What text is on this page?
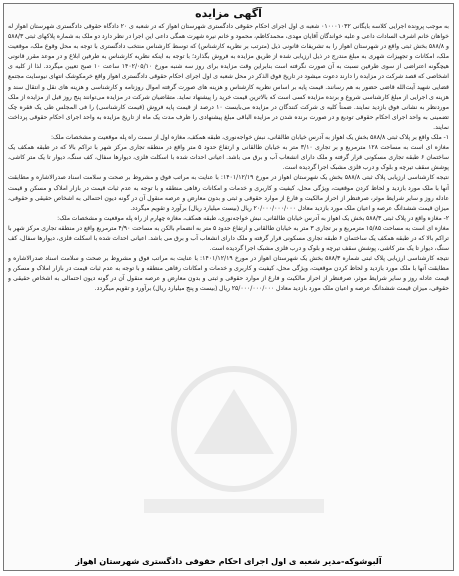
آگهی مزایده

به موجب پرونده اجرایی کلاسه بایگانی ۰۱۰۰۰۱۰۳۲ شعبه ی اول اجرای احکام حقوقی دادگستری شهرستان اهواز که در شعبه ی ۲۰ دادگاه حقوقی دادگستری شهرستان اهواز له خواهان خانم اشرف السادات داعی و علیه خواندگان آقایان مهدی، محمدکاظم، محمود و خانم نیره شهرت همگی داعی این اجرا در نظر دارد دو ملک به شماره پلاکهای ثبتی ۵۸۸/۳ و ۵۸۸/۸ بخش ثبتی واقع در شهرستان اهواز را به تشریفات قانونی ذیل (مترتب بر نظریه کارشناس) که توسط کارشناس منتخب دادگستری با توجه به محل وقوع ملک، موقعیت ملک، امکانات و تجهیزات شهری به مبلغ مندرج در ذیل ارزیابی شده از طریق مزایده به فروش بگذارد؛ با توجه به اینکه نظریه کارشناس به طرفین ابلاغ و در موعد مقرر قانونی هیچگونه اعتراضی از سوی طرفین نسبت به آن صورت نگرفته است بنابراین وقت مزایده برای روز سه شنبه مورخ ۱۴۰۲/۰۵/۱۰ ساعت ۱۰ صبح تعیین میگردد. لذا از کلیه ی اشخاصی که قصد شرکت در مزایده را دارند دعوت میشود در تاریخ فوق الذکر در محل شعبه ی اول اجرای احکام حقوقی دادگستری اهواز واقع خرمکوشک انتهای نیوسایت مجتمع قضایی شهید آیت‌الله قاضی حضور به هم رسانند. قیمت پایه بر اساس نظریه کارشناس و هزینه های صورت گرفته اموال روزنامه و کارشناسی و هزینه های نقل و انتقال سند و هزینه ی اجرایی از مبلغ کارشناسی شروع و برنده مزایده کسی است که بالاترین قیمت خرید را پیشنهاد نماید. متقاضیان شرکت در مزایده می‌توانند پنج روز قبل از مزایده از ملک موردنظر به نشانی فوق بازدید نمایند. ضمناً کلیه ی شرکت کنندگان در مزایده می‌بایست ۱۰ درصد از قیمت پایه فروش (قیمت کارشناسی) را فی المجلس طی یک فقره چک تضمینی به واحد اجرای احکام حقوقی تودیع و در صورت برنده شدن در مزایده الباقی مبلغ پیشنهادی را ظرف مدت یک ماه از تاریخ مزایده به واحد اجرای احکام حقوقی پرداخت نمایند.

۱- ملک واقع بر پلاک ثبتی ۵۸۸/۸ بخش یک اهواز به آدرس خیابان طالقانی، نبش خواجه‌نوری، طبقه همکف، مغازه اول از سمت راه پله موقعیت و مشخصات ملک:

مغازه ای است به مساحت ۱۲۸ مترمربع و بر تجاری ۳/۱۰ متر به خیابان طالقانی و ارتفاع حدود ۵ متر واقع در منطقه تجاری مرکز شهر با تراکم بالا که در طبقه همکف یک ساختمان ۶ طبقه تجاری مسکونی قرار گرفته و ملک دارای انشعاب آب و برق می باشد. اعیانی احداث شده با اسکلت فلزی، دیوارها سفال، کف سنگ، دیوار تا یک متر کاشی، پوشش سقف تیرچه و بلوک و درب فلزی مشبک اجرا گردیده است.

نتیجه کارشناسی ارزیابی پلاک ثبتی ۵۸۸/۸ بخش یک شهرستان اهواز در مورخ ۱۴۰۱/۱۲/۱۹: با عنایت به مراتب فوق و مشروط بر صحت و سلامت اسناد صدرالاشاره و مطابقت آنها با ملک مورد بازدید و لحاظ کردن موقعیت، ویژگی محل، کیفیت و کاربری و خدمات و امکانات رفاهی منطقه و با توجه به عدم ثبات قیمت در بازار املاک و مسکن و قیمت عادله روز و سایر شرایط موثر، صرفنظر از احراز مالکیت و فارغ از موارد حقوقی و ثبتی و بدون معارض و عرصه منقول آن در گونه دیون احتمالی به اشخاص حقیقی و حقوقی، میزان قیمت ششدانگ عرصه و اعیان ملک مورد بازدید معادل ۲۰/۰۰۰/۰۰۰/۰۰۰ ریال (بیست میلیارد ریال) برآورد و تقویم میگردد.

۲- مغازه واقع در پلاک ثبتی ۵۸۸/۳ بخش یک اهواز به آدرس خیابان طالقانی، نبش خواجه‌نوری، طبقه همکف، مغازه چهارم از راه پله موقعیت و مشخصات ملک:

مغازه ای است به مساحت ۱۵/۸۵ مترمربع و بر تجاری ۳ متر به خیابان طالقانی و ارتفاع حدود ۵ متر به انضمام بالکن به مساحت ۴/۹۰ مترمربع واقع در منطقه تجاری مرکز شهر با تراکم بالا که در طبقه همکف یک ساختمان ۶ طبقه تجاری مسکونی قرار گرفته و ملک دارای انشعاب آب و برق می باشد. اعیانی احداث شده با اسکلت فلزی، دیوارها سفال، کف سنگ، دیوار تا یک متر کاشی، پوشش سقف تیرچه و بلوک و درب فلزی مشبک اجرا گردیده است.

نتیجه کارشناسی ارزیابی پلاک ثبتی شماره ۵۸۸/۳ بخش یک شهرستان اهواز در مورخ ۱۴۰۱/۱۲/۱۹: با عنایت به مراتب فوق و مشروط بر صحت و سلامت اسناد صدرالاشاره و مطابقت آنها با ملک مورد بازدید و لحاظ کردن موقعیت، ویژگی محل، کیفیت و کاربری و خدمات و امکانات رفاهی منطقه و با توجه به عدم ثبات قیمت در بازار املاک و مسکن و قیمت عادله روز و سایر شرایط موثر، صرفنظر از احراز مالکیت و فارغ از موارد حقوقی و ثبتی و بدون معارض و عرصه منقول آن در گونه دیون احتمالی به اشخاص حقیقی و حقوقی، میزان قیمت ششدانگ عرصه و اعیان ملک مورد بازدید معادل ۲۵/۰۰۰/۰۰۰/۰۰۰ ریال (بیست و پنج میلیارد ریال) برآورد و تقویم میگردد.

آلبوشوکه-مدیر شعبه ی اول اجرای احکام حقوقی دادگستری شهرستان اهواز
